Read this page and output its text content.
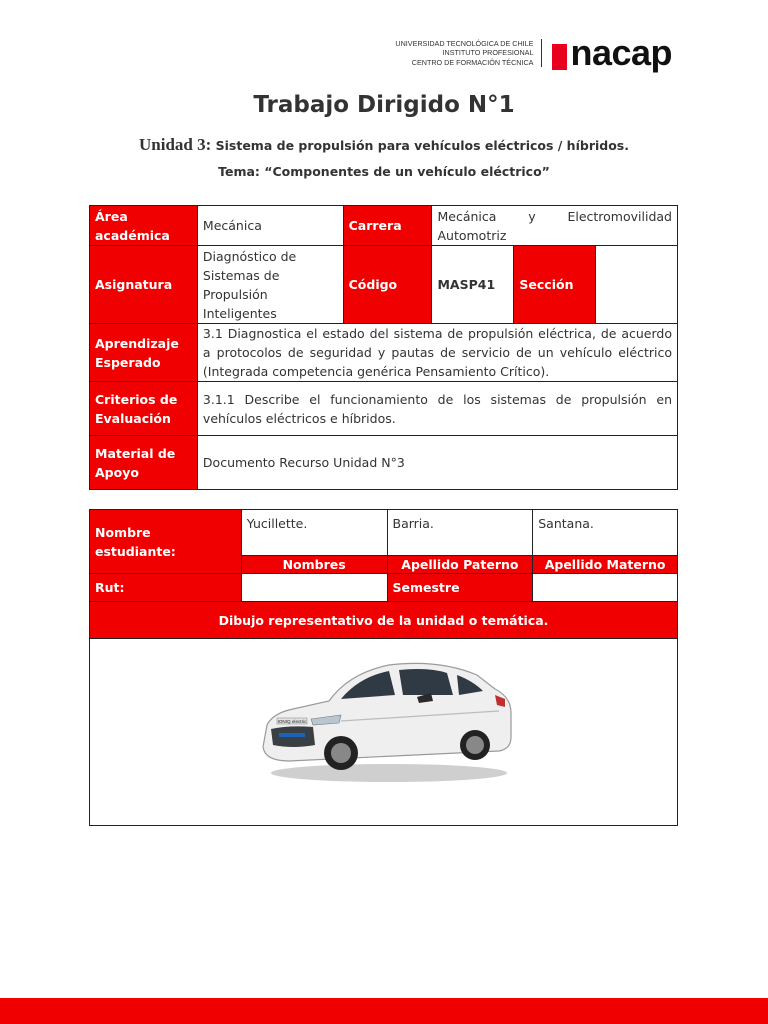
UNIVERSIDAD TECNOLÓGICA DE CHILE
INSTITUTO PROFESIONAL
CENTRO DE FORMACIÓN TÉCNICA nacap
Trabajo Dirigido N°1
Unidad 3: Sistema de propulsión para vehículos eléctricos / híbridos.
Tema: “Componentes de un vehículo eléctrico”
Área académica	Mecánica	Carrera	Mecánica y Electromovilidad
Automotriz		

Asignatura	Diagnóstico de Sistemas de Propulsión Inteligentes	Código	MASP41	Sección	
Aprendizaje Esperado	3.1 Diagnostica el estado del sistema de propulsión eléctrica, de acuerdo a protocolos de seguridad y pautas de servicio de un vehículo eléctrico (Integrada competencia genérica Pensamiento Crítico).				
Criterios de Evaluación	3.1.1 Describe el funcionamiento de los sistemas de propulsión en vehículos eléctricos e híbridos.				
Material de Apoyo	Documento Recurso Unidad N°3				
Nombre estudiante:	Yucillette.	Barria.	Santana.
	Nombres	Apellido Paterno	Apellido Materno
Rut:		Semestre	
Dibujo representativo de la unidad o temática.			

IONIQ electric			
